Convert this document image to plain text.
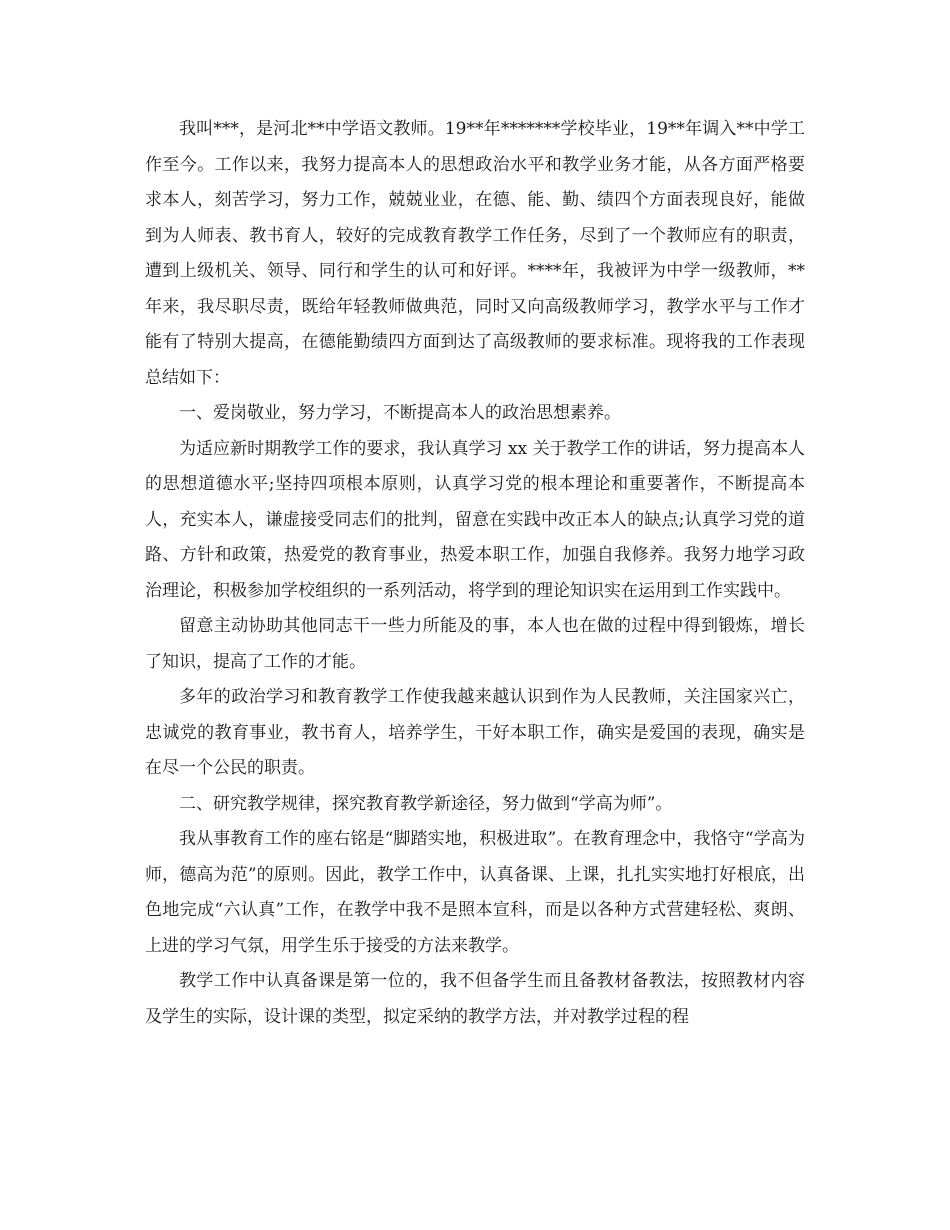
我叫***，是河北**中学语文教师。19**年*******学校毕业，19**年调入**中学工作至今。工作以来，我努力提高本人的思想政治水平和教学业务才能，从各方面严格要求本人，刻苦学习，努力工作，兢兢业业，在德、能、勤、绩四个方面表现良好，能做到为人师表、教书育人，较好的完成教育教学工作任务，尽到了一个教师应有的职责，遭到上级机关、领导、同行和学生的认可和好评。****年，我被评为中学一级教师，**年来，我尽职尽责，既给年轻教师做典范，同时又向高级教师学习，教学水平与工作才能有了特别大提高，在德能勤绩四方面到达了高级教师的要求标准。现将我的工作表现总结如下：

一、爱岗敬业，努力学习，不断提高本人的政治思想素养。

为适应新时期教学工作的要求，我认真学习 xx 关于教学工作的讲话，努力提高本人的思想道德水平;坚持四项根本原则，认真学习党的根本理论和重要著作，不断提高本人，充实本人，谦虚接受同志们的批判，留意在实践中改正本人的缺点;认真学习党的道路、方针和政策，热爱党的教育事业，热爱本职工作，加强自我修养。我努力地学习政治理论，积极参加学校组织的一系列活动，将学到的理论知识实在运用到工作实践中。

留意主动协助其他同志干一些力所能及的事，本人也在做的过程中得到锻炼，增长了知识，提高了工作的才能。

多年的政治学习和教育教学工作使我越来越认识到作为人民教师，关注国家兴亡，忠诚党的教育事业，教书育人，培养学生，干好本职工作，确实是爱国的表现，确实是在尽一个公民的职责。

二、研究教学规律，探究教育教学新途径，努力做到“学高为师”。

我从事教育工作的座右铭是“脚踏实地，积极进取”。在教育理念中，我恪守“学高为师，德高为范”的原则。因此，教学工作中，认真备课、上课，扎扎实实地打好根底，出色地完成“六认真”工作，在教学中我不是照本宣科，而是以各种方式营建轻松、爽朗、上进的学习气氛，用学生乐于接受的方法来教学。

教学工作中认真备课是第一位的，我不但备学生而且备教材备教法，按照教材内容及学生的实际，设计课的类型，拟定采纳的教学方法，并对教学过程的程
